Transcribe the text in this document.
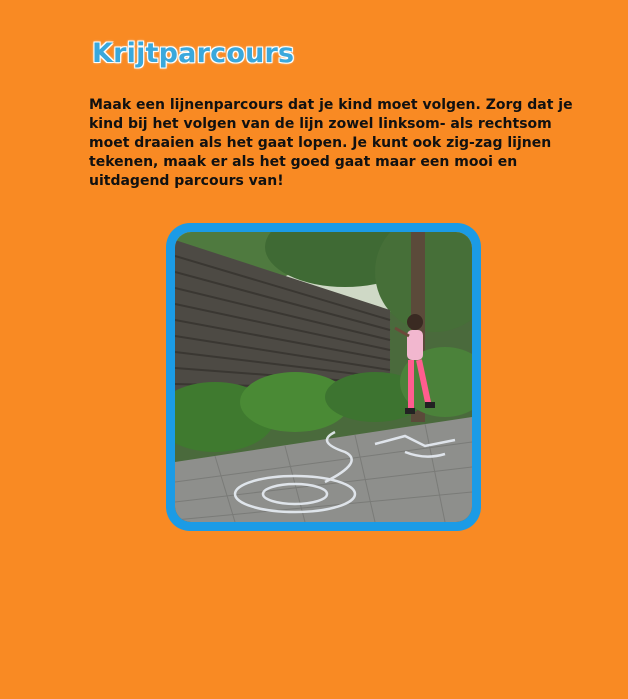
Krijtparcours

Maak een lijnenparcours dat je kind moet volgen. Zorg dat je kind bij het volgen van de lijn zowel linksom- als rechtsom moet draaien als het gaat lopen. Je kunt ook zig-zag lijnen tekenen, maak er als het goed gaat maar een mooi en uitdagend parcours van!
